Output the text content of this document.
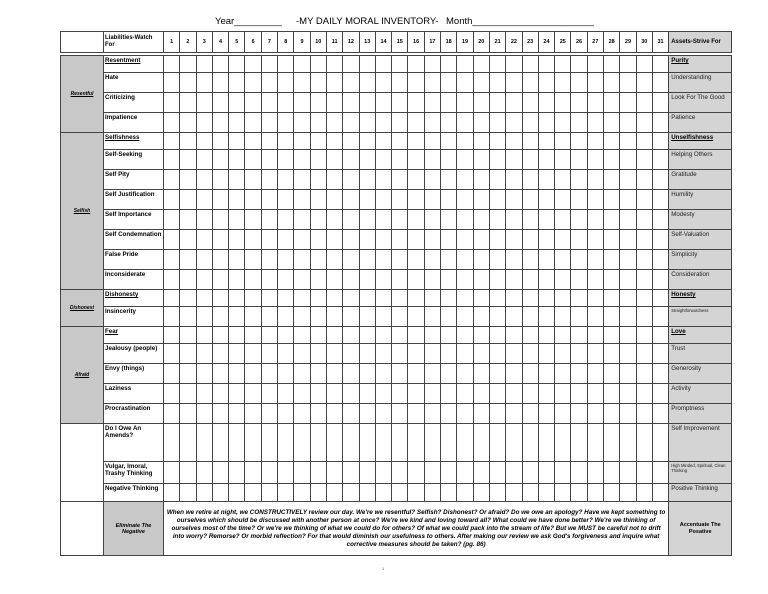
Year_________ -MY DAILY MORAL INVENTORY- Month_______________________
	Liabilities-Watch For	1	2	3	4	5	6	7	8	9	10	11	12	13	14	15	16	17	18	19	20	21	22	23	24	25	26	27	28	29	30	31	Assets-Strive For

Resentful	Resentment																																Purity
	Hate																																Understanding
	Criticizing																																Look For The Good
	Impatience																																Patience
Selfish	Selfishness																																Unselfishness
	Self-Seeking																																Helping Others
	Self Pity																																Gratitude
	Self Justification																																Humility
	Self Importance																																Modesty
	Self Condemnation																																Self-Valuation
	False Pride																																Simplicity
	Inconsiderate																																Consideration
Dishonest	Dishonesty																																Honesty
	Insincerity																																Straightforwardness
Afraid	Fear																																Love
	Jealousy (people)																																Trust
	Envy (things)																																Generosity
	Laziness																																Activity
	Procrastination																																Promptness
	Do I Owe An Amends?																																Self Improvement
	Vulgar, Imoral, Trashy Thinking																																High Minded, Spiritual, Clean Thinking
	Negative Thinking																																Positive Thinking
	Eliminate The Negative	When we retire at night, we CONSTRUCTIVELY review our day. We're we resentful? Selfish? Dishonest? Or afraid? Do we owe an apology? Have we kept something to ourselves which should be discussed with another person at once? We're we kind and loving toward all? What could we have done better? We're we thinking of ourselves most of the time? Or we're we thinking of what we could do for others? Of what we could pack into the stream of life? But we MUST be careful not to drift into worry? Remorse? Or morbid reflection? For that would diminish our usefulness to others. After making our review we ask God's forgiveness and inquire what corrective measures should be taken? (pg. 86)																															Accentuate The Posative
1
